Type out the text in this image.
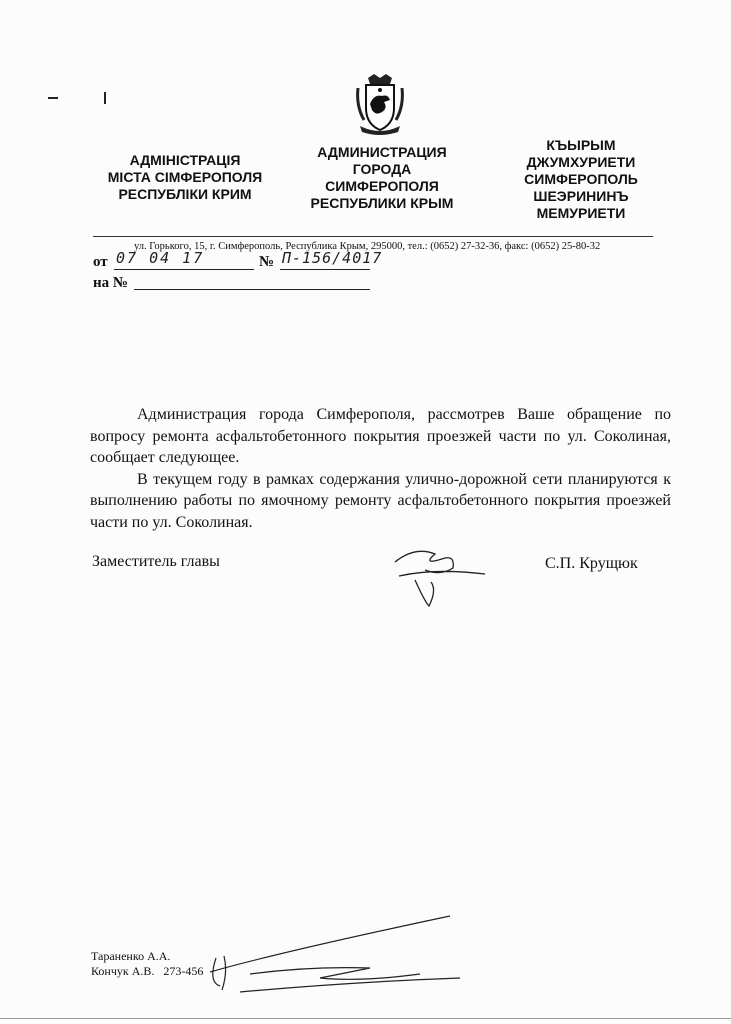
АДМІНІСТРАЦІЯ
МІСТА СІМФЕРОПОЛЯ
РЕСПУБЛІКИ КРИМ
АДМИНИСТРАЦИЯ
ГОРОДА
СИМФЕРОПОЛЯ
РЕСПУБЛИКИ КРЫМ
КЪЫРЫМ
ДЖУМХУРИЕТИ
СИМФЕРОПОЛЬ
ШЕЭРИНИНЪ
МЕМУРИЕТИ
ул. Горького, 15, г. Симферополь, Республика Крым, 295000, тел.: (0652) 27-32-36, факс: (0652) 25-80-32
от 07 04 17	№ П-156/4017
на №

Администрация города Симферополя, рассмотрев Ваше обращение по вопросу ремонта асфальтобетонного покрытия проезжей части по ул. Соколиная, сообщает следующее.

В текущем году в рамках содержания улично-дорожной сети планируются к выполнению работы по ямочному ремонту асфальтобетонного покрытия проезжей части по ул. Соколиная.

Заместитель главы	С.П. Крущюк
Тараненко А.А.
Кончук А.В. 273-456
